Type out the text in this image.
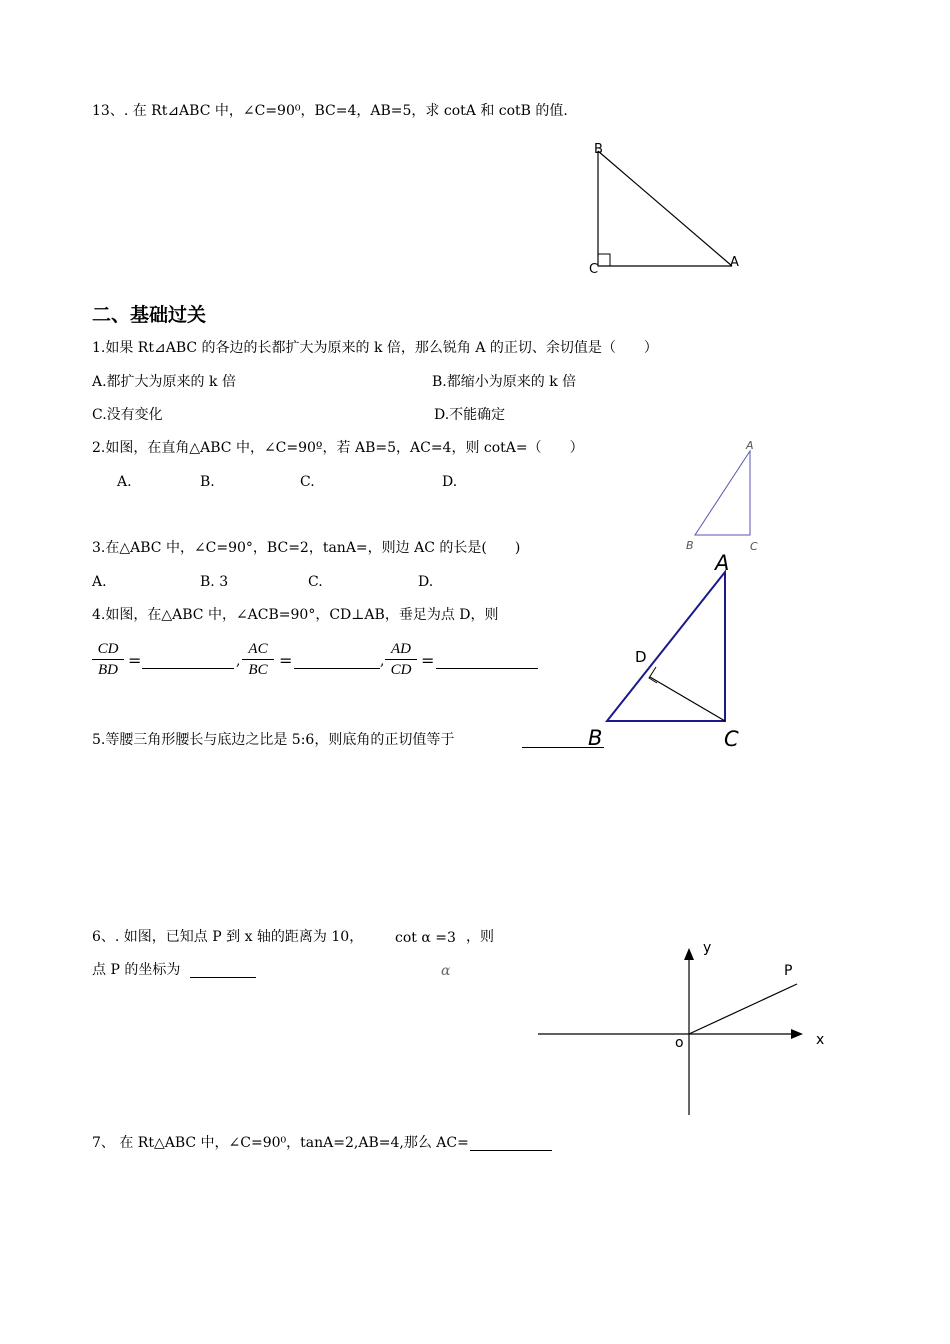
13、. 在 Rt⊿ABC 中，∠C=90⁰，BC=4，AB=5，求 cotA 和 cotB 的值.
B
C	A
二、基础过关
1.如果 Rt⊿ABC 的各边的长都扩大为原来的 k 倍，那么锐角 A 的正切、余切值是（　　）
A.都扩大为原来的 k 倍	B.都缩小为原来的 k 倍
C.没有变化	D.不能确定
2.如图，在直角△ABC 中，∠C=90º，若 AB=5，AC=4，则 cotA=（　　）
A.	B.	C.	D.
A
B	C
3.在△ABC 中，∠C=90°，BC=2，tanA=，则边 AC 的长是(　　)
A.	B. 3	C.	D.
4.如图，在△ABC 中，∠ACB=90°，CD⊥AB，垂足为点 D，则
$\frac{CD}{BD}$ =	, $\frac{AC}{BC}$ =	, $\frac{AD}{CD}$ =
A
B	C
D
5.等腰三角形腰长与底边之比是 5:6，则底角的正切值等于
6、. 如图，已知点 P 到 x 轴的距离为 10， cot α =3 ，则
点 P 的坐标为	α
y
x
o
P
7、 在 Rt△ABC 中，∠C=90⁰，tanA=2,AB=4,那么 AC=
